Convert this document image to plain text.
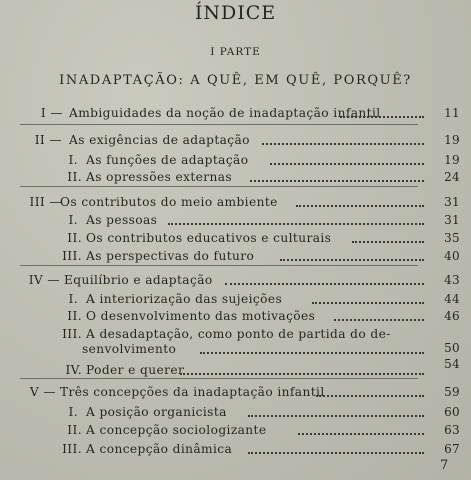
ÍNDICE
I PARTE
INADAPTAÇÃO: A QUÊ, EM QUÊ, PORQUÊ?
I — Ambiguidades da noção de inadaptação infantil	11
II — As exigências de adaptação	19
I. As funções de adaptação	19
II. As opressões externas	24
III —
Os contributos do meio ambiente	31
I. As pessoas	31
II. Os contributos educativos e culturais	35
III. As perspectivas do futuro	40
IV — Equilíbrio e adaptação	43
I. A interiorização das sujeições	44
II. O desenvolvimento das motivações	46
III. A desadaptação, como ponto de partida do de-
senvolvimento	50
IV. Poder e querer	54
V — Três concepções da inadaptação infantil	59
I. A posição organicista	60
II. A concepção sociologizante	63
III. A concepção dinâmica	67
7
